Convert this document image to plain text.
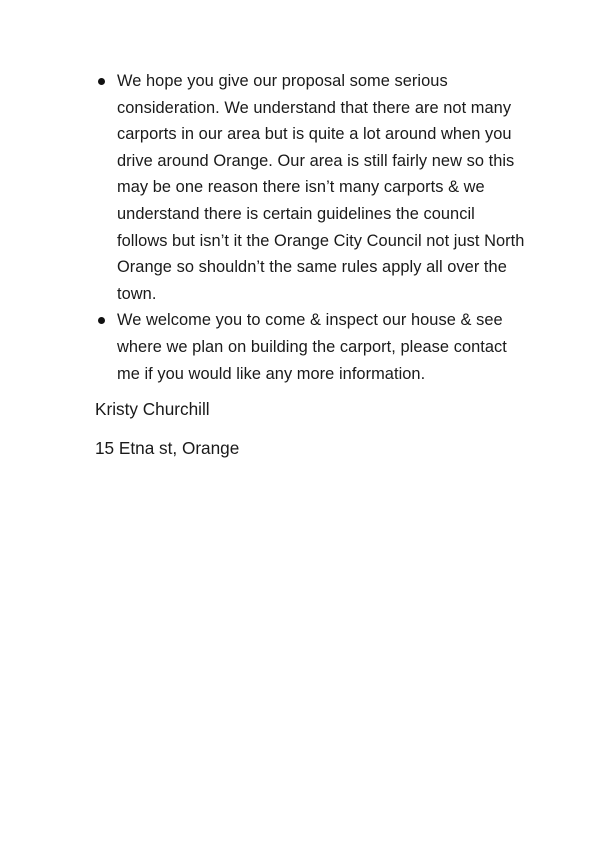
We hope you give our proposal some serious
consideration. We understand that there are not many
carports in our area but is quite a lot around when you
drive around Orange. Our area is still fairly new so this
may be one reason there isn’t many carports & we
understand there is certain guidelines the council
follows but isn’t it the Orange City Council not just North
Orange so shouldn’t the same rules apply all over the
town.
We welcome you to come & inspect our house & see
where we plan on building the carport, please contact
me if you would like any more information.
Kristy Churchill
15 Etna st, Orange
